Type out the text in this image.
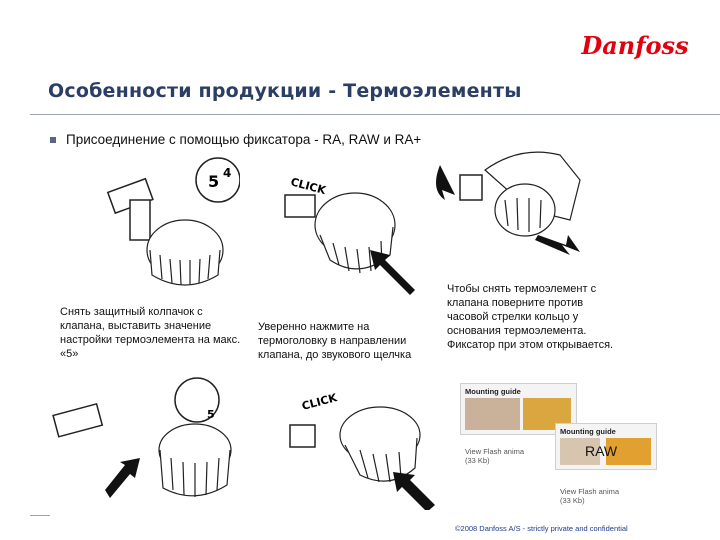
Danfoss
Особенности продукции - Термоэлементы
Присоединение с помощью фиксатора - RA, RAW и RA+
5 4
CLICK
Снять защитный колпачок с клапана, выставить значение настройки термоэлемента на макс. «5»
Уверенно нажмите на термоголовку в направлении клапана, до звукового щелчка
Чтобы снять термоэлемент с клапана поверните против часовой стрелки кольцо у основания термоэлемента. Фиксатор при этом открывается.
5
CLICK	Mounting guide
View Flash anima
(33 Kb)
Mounting guide
RAW
View Flash anima
(33 Kb)
©2008 Danfoss A/S - strictly private and confidential
